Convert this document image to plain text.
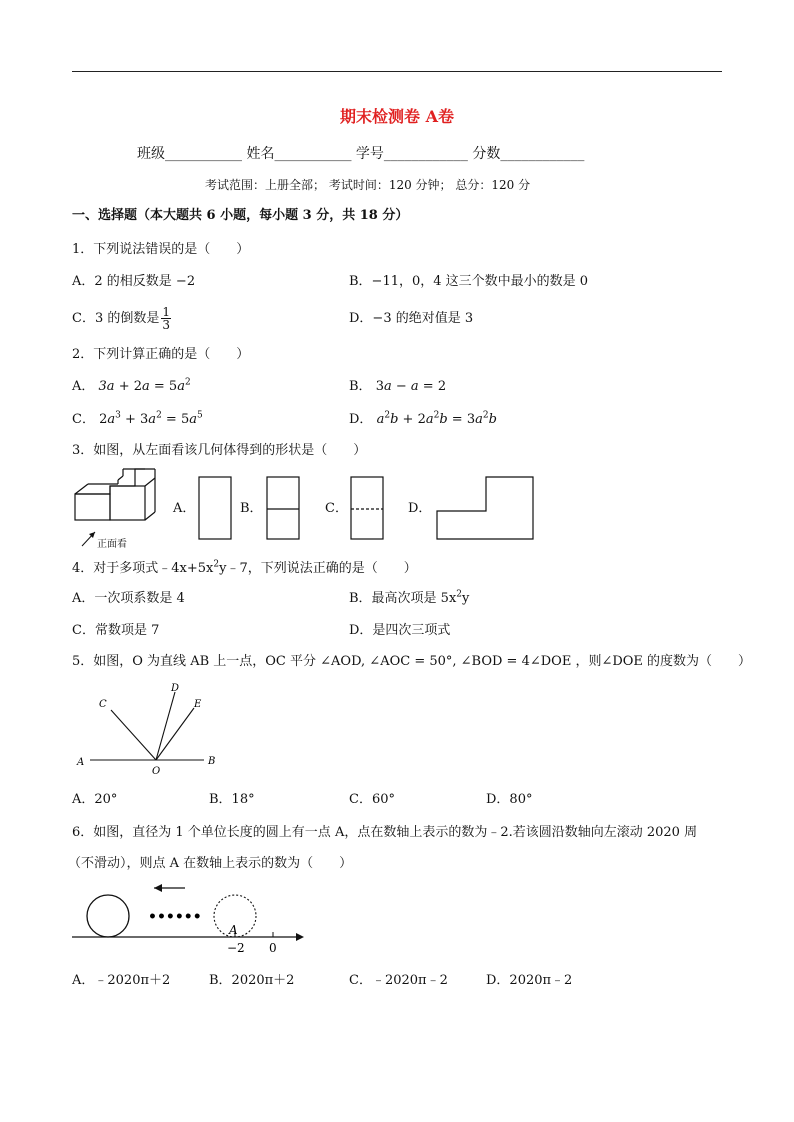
期末检测卷 A卷
班级___________ 姓名___________ 学号____________ 分数____________
考试范围：上册全部； 考试时间：120 分钟； 总分：120 分
一、选择题（本大题共 6 小题，每小题 3 分，共 18 分）
1．下列说法错误的是（　　）
A．2 的相反数是 −2	B．−11，0，4 这三个数中最小的数是 0
C．3 的倒数是 $\frac{1}{3}$	D．−3 的绝对值是 3
2．下列计算正确的是（　　）
A． $3a + 2a = 5a^2$	B． 3a − a = 2
C． $2a^3 + 3a^2 = 5a^5$	D． $a^2b + 2a^2b = 3a^2b$
3．如图，从左面看该几何体得到的形状是（　　）
正面看
A．	B．	C．	D．
4．对于多项式$﹣4x+5x^2y﹣7$，下列说法正确的是（　　）
A．一次项系数是 4	B．最高次项是 $5x^2y$
C．常数项是 7	D．是四次三项式
5．如图，O 为直线 AB 上一点，OC 平分 ∠AOD, ∠AOC = 50°, ∠BOD = 4∠DOE ，则∠DOE 的度数为（　　）
A	B
C
D
E
O
A．20°	B．18°	C．60°	D．80°
6．如图，直径为 1 个单位长度的圆上有一点 A，点在数轴上表示的数为﹣2.若该圆沿数轴向左滚动 2020 周
（不滑动），则点 A 在数轴上表示的数为（　　）
••••••
A
−2 0
A．﹣2020π＋2	B．2020π＋2	C．﹣2020π﹣2	D．2020π﹣2
